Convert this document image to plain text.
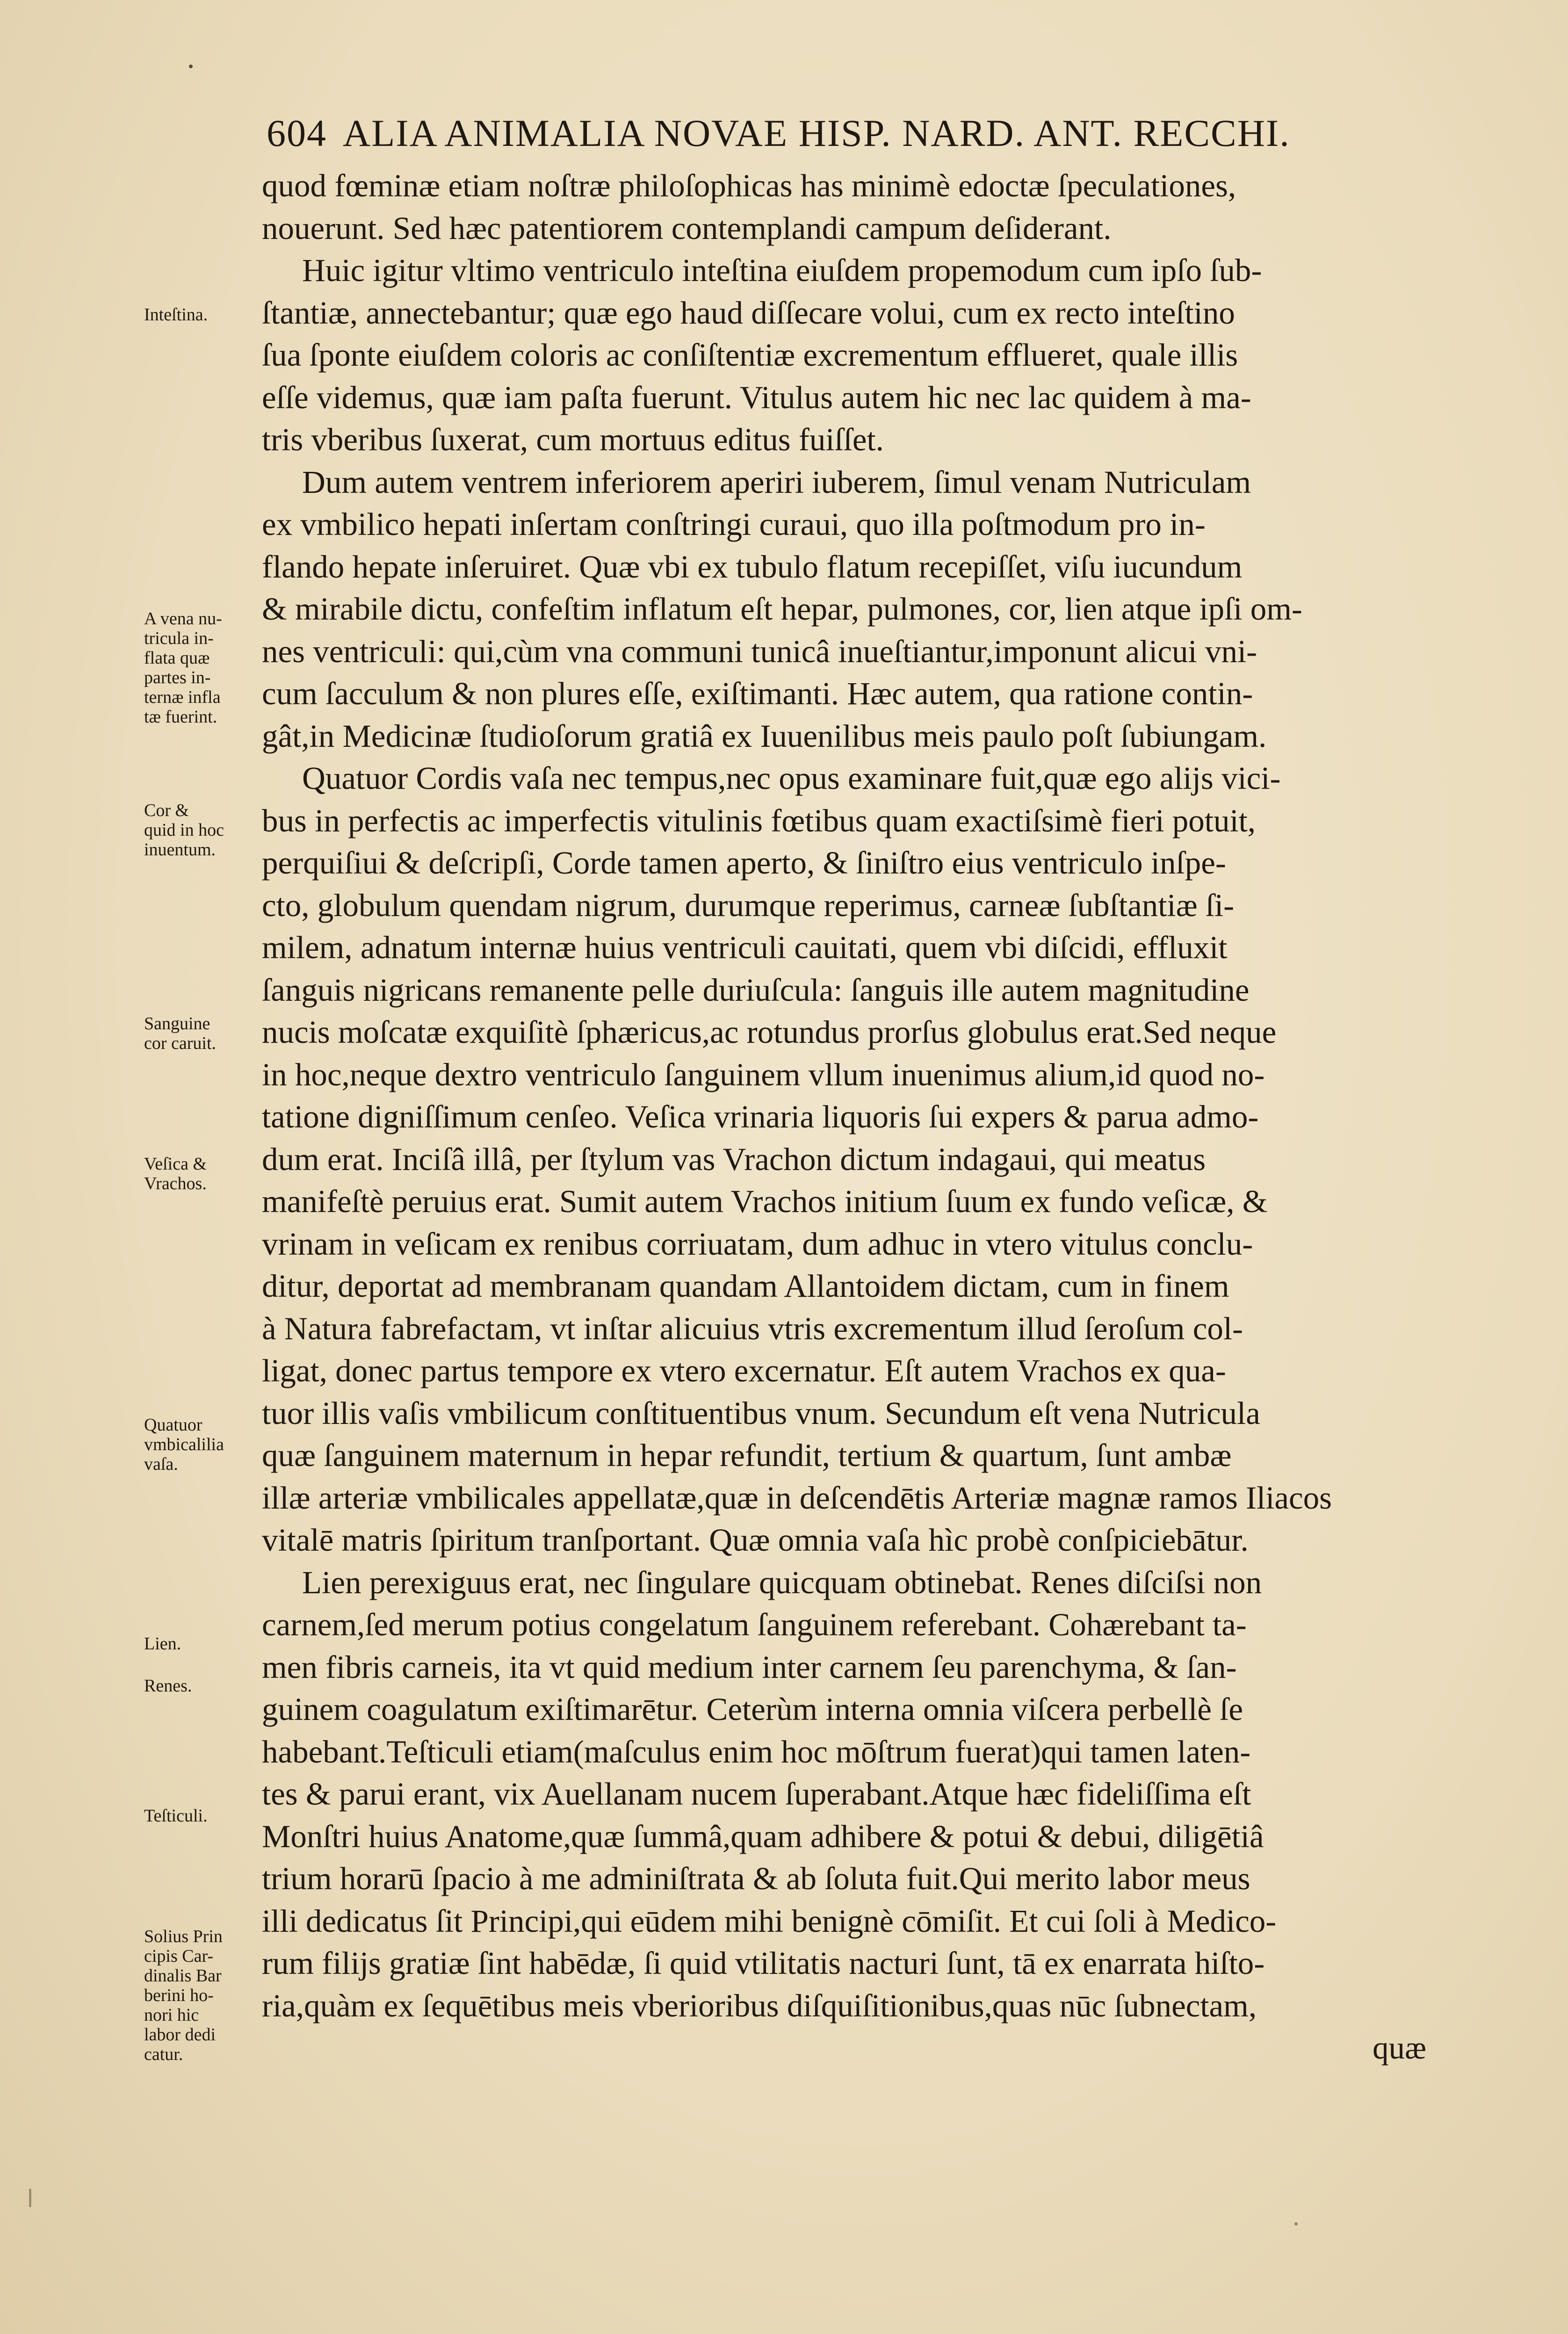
604 ALIA ANIMALIA NOVAE HISP. NARD. ANT. RECCHI.
quod fœminæ etiam noſtræ philoſophicas has minimè edoctæ ſpeculationes,
nouerunt. Sed hæc patentiorem contemplandi campum deſiderant.
Huic igitur vltimo ventriculo inteſtina eiuſdem propemodum cum ipſo ſub-
ſtantiæ, annectebantur; quæ ego haud diſſecare volui, cum ex recto inteſtino
ſua ſponte eiuſdem coloris ac conſiſtentiæ excrementum efflueret, quale illis
eſſe videmus, quæ iam paſta fuerunt. Vitulus autem hic nec lac quidem à ma-
tris vberibus ſuxerat, cum mortuus editus fuiſſet.
Dum autem ventrem inferiorem aperiri iuberem, ſimul venam Nutriculam
ex vmbilico hepati inſertam conſtringi curaui, quo illa poſtmodum pro in-
flando hepate inſeruiret. Quæ vbi ex tubulo flatum recepiſſet, viſu iucundum
& mirabile dictu, confeſtim inflatum eſt hepar, pulmones, cor, lien atque ipſi om-
nes ventriculi: qui,cùm vna communi tunicâ inueſtiantur,imponunt alicui vni-
cum ſacculum & non plures eſſe, exiſtimanti. Hæc autem, qua ratione contin-
gât,in Medicinæ ſtudioſorum gratiâ ex Iuuenilibus meis paulo poſt ſubiungam.
Quatuor Cordis vaſa nec tempus,nec opus examinare fuit,quæ ego alijs vici-
bus in perfectis ac imperfectis vitulinis fœtibus quam exactiſsimè fieri potuit,
perquiſiui & deſcripſi, Corde tamen aperto, & ſiniſtro eius ventriculo inſpe-
cto, globulum quendam nigrum, durumque reperimus, carneæ ſubſtantiæ ſi-
milem, adnatum internæ huius ventriculi cauitati, quem vbi diſcidi, effluxit
ſanguis nigricans remanente pelle duriuſcula: ſanguis ille autem magnitudine
nucis moſcatæ exquiſitè ſphæricus,ac rotundus prorſus globulus erat.Sed neque
in hoc,neque dextro ventriculo ſanguinem vllum inuenimus alium,id quod no-
tatione digniſſimum cenſeo. Veſica vrinaria liquoris ſui expers & parua admo-
dum erat. Inciſâ illâ, per ſtylum vas Vrachon dictum indagaui, qui meatus
manifeſtè peruius erat. Sumit autem Vrachos initium ſuum ex fundo veſicæ, &
vrinam in veſicam ex renibus corriuatam, dum adhuc in vtero vitulus conclu-
ditur, deportat ad membranam quandam Allantoidem dictam, cum in finem
à Natura fabrefactam, vt inſtar alicuius vtris excrementum illud ſeroſum col-
ligat, donec partus tempore ex vtero excernatur. Eſt autem Vrachos ex qua-
tuor illis vaſis vmbilicum conſtituentibus vnum. Secundum eſt vena Nutricula
quæ ſanguinem maternum in hepar refundit, tertium & quartum, ſunt ambæ
illæ arteriæ vmbilicales appellatæ,quæ in deſcendētis Arteriæ magnæ ramos Iliacos
vitalē matris ſpiritum tranſportant. Quæ omnia vaſa hìc probè conſpiciebātur.
Lien perexiguus erat, nec ſingulare quicquam obtinebat. Renes diſciſsi non
carnem,ſed merum potius congelatum ſanguinem referebant. Cohærebant ta-
men fibris carneis, ita vt quid medium inter carnem ſeu parenchyma, & ſan-
guinem coagulatum exiſtimarētur. Ceterùm interna omnia viſcera perbellè ſe
habebant.Teſticuli etiam(maſculus enim hoc mōſtrum fuerat)qui tamen laten-
tes & parui erant, vix Auellanam nucem ſuperabant.Atque hæc fideliſſima eſt
Monſtri huius Anatome,quæ ſummâ,quam adhibere & potui & debui, diligētiâ
trium horarū ſpacio à me adminiſtrata & ab ſoluta fuit.Qui merito labor meus
illi dedicatus ſit Principi,qui eūdem mihi benignè cōmiſit. Et cui ſoli à Medico-
rum filijs gratiæ ſint habēdæ, ſi quid vtilitatis nacturi ſunt, tā ex enarrata hiſto-
ria,quàm ex ſequētibus meis vberioribus diſquiſitionibus,quas nūc ſubnectam,
quæ
Inteſtina.
A vena nu-
tricula in-
flata quæ
partes in-
ternæ infla
tæ fuerint.
Cor &
quid in hoc
inuentum.
Sanguine
cor caruit.
Veſica &
Vrachos.
Quatuor
vmbicalilia
vaſa.
Lien.
Renes.
Teſticuli.
Solius Prin
cipis Car-
dinalis Bar
berini ho-
nori hic
labor dedi
catur.
